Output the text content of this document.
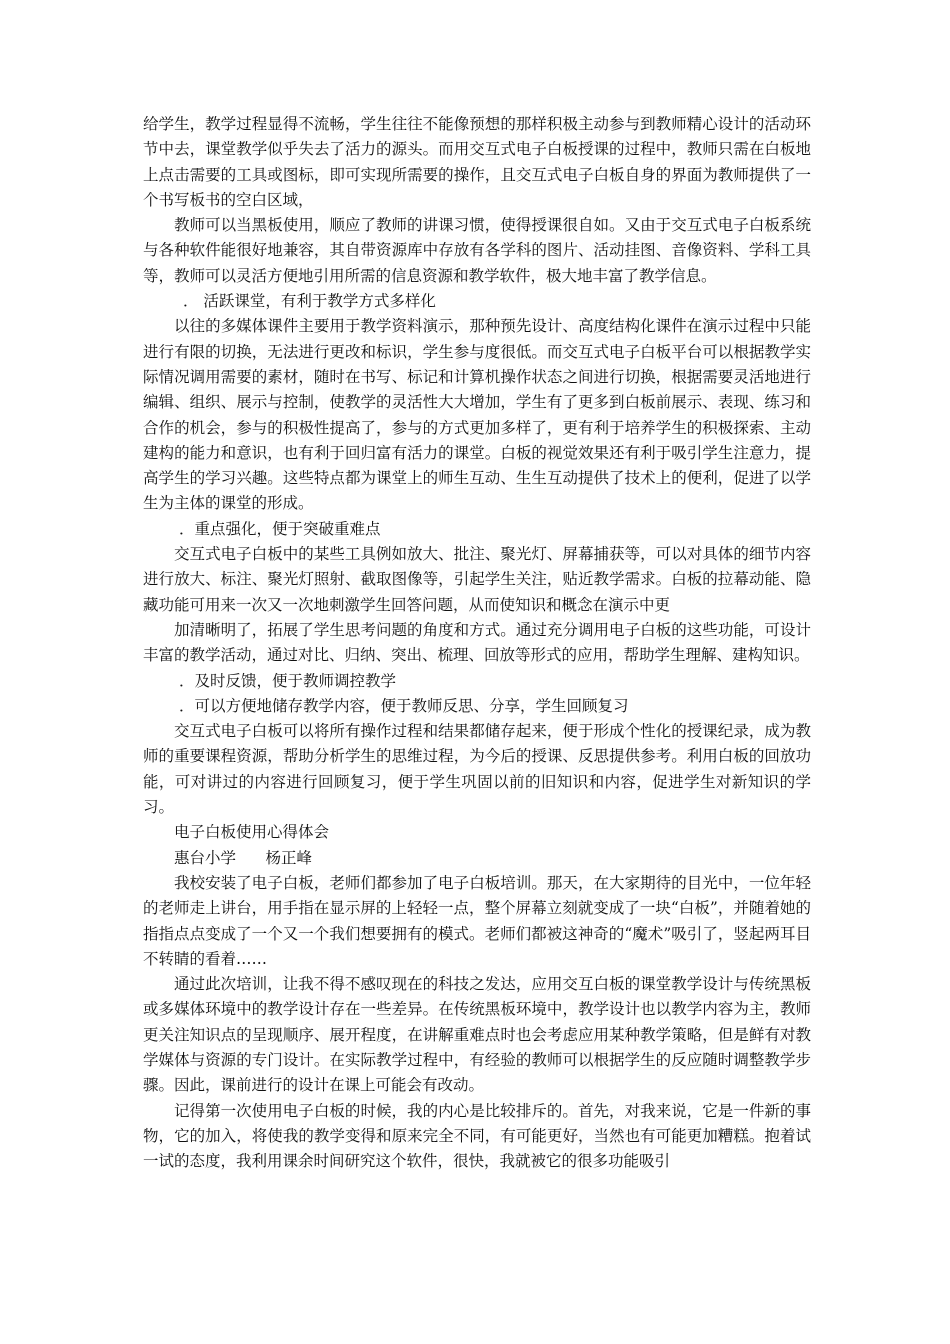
给学生，教学过程显得不流畅，学生往往不能像预想的那样积极主动参与到教师精心设计的活动环节中去，课堂教学似乎失去了活力的源头。而用交互式电子白板授课的过程中，教师只需在白板地上点击需要的工具或图标，即可实现所需要的操作，且交互式电子白板自身的界面为教师提供了一个书写板书的空白区域，

教师可以当黑板使用，顺应了教师的讲课习惯，使得授课很自如。又由于交互式电子白板系统与各种软件能很好地兼容，其自带资源库中存放有各学科的图片、活动挂图、音像资料、学科工具等，教师可以灵活方便地引用所需的信息资源和教学软件，极大地丰富了教学信息。

． 活跃课堂，有利于教学方式多样化

以往的多媒体课件主要用于教学资料演示，那种预先设计、高度结构化课件在演示过程中只能进行有限的切换，无法进行更改和标识，学生参与度很低。而交互式电子白板平台可以根据教学实际情况调用需要的素材，随时在书写、标记和计算机操作状态之间进行切换，根据需要灵活地进行编辑、组织、展示与控制，使教学的灵活性大大增加，学生有了更多到白板前展示、表现、练习和合作的机会，参与的积极性提高了，参与的方式更加多样了，更有利于培养学生的积极探索、主动建构的能力和意识，也有利于回归富有活力的课堂。白板的视觉效果还有利于吸引学生注意力，提高学生的学习兴趣。这些特点都为课堂上的师生互动、生生互动提供了技术上的便利，促进了以学生为主体的课堂的形成。

．重点强化，便于突破重难点

交互式电子白板中的某些工具例如放大、批注、聚光灯、屏幕捕获等，可以对具体的细节内容进行放大、标注、聚光灯照射、截取图像等，引起学生关注，贴近教学需求。白板的拉幕动能、隐藏功能可用来一次又一次地刺激学生回答问题，从而使知识和概念在演示中更

加清晰明了，拓展了学生思考问题的角度和方式。通过充分调用电子白板的这些功能，可设计丰富的教学活动，通过对比、归纳、突出、梳理、回放等形式的应用，帮助学生理解、建构知识。

．及时反馈，便于教师调控教学

．可以方便地储存教学内容，便于教师反思、分享，学生回顾复习

交互式电子白板可以将所有操作过程和结果都储存起来，便于形成个性化的授课纪录，成为教师的重要课程资源，帮助分析学生的思维过程，为今后的授课、反思提供参考。利用白板的回放功能，可对讲过的内容进行回顾复习，便于学生巩固以前的旧知识和内容，促进学生对新知识的学习。

电子白板使用心得体会

惠台小学      杨正峰

我校安装了电子白板，老师们都参加了电子白板培训。那天，在大家期待的目光中，一位年轻的老师走上讲台，用手指在显示屏的上轻轻一点，整个屏幕立刻就变成了一块“白板”，并随着她的指指点点变成了一个又一个我们想要拥有的模式。老师们都被这神奇的“魔术”吸引了，竖起两耳目不转睛的看着……

通过此次培训，让我不得不感叹现在的科技之发达，应用交互白板的课堂教学设计与传统黑板或多媒体环境中的教学设计存在一些差异。在传统黑板环境中，教学设计也以教学内容为主，教师更关注知识点的呈现顺序、展开程度，在讲解重难点时也会考虑应用某种教学策略，但是鲜有对教学媒体与资源的专门设计。在实际教学过程中，有经验的教师可以根据学生的反应随时调整教学步骤。因此，课前进行的设计在课上可能会有改动。

记得第一次使用电子白板的时候，我的内心是比较排斥的。首先，对我来说，它是一件新的事物，它的加入，将使我的教学变得和原来完全不同，有可能更好，当然也有可能更加糟糕。抱着试一试的态度，我利用课余时间研究这个软件，很快，我就被它的很多功能吸引
